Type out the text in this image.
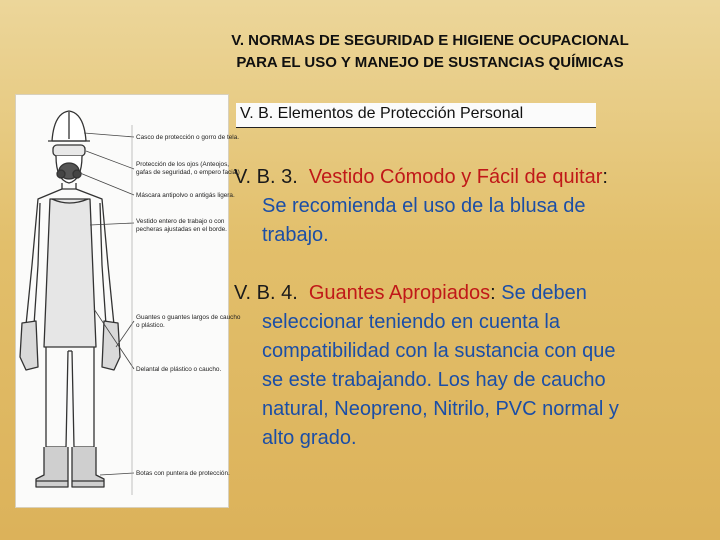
V. NORMAS DE SEGURIDAD E HIGIENE OCUPACIONAL
PARA EL USO Y MANEJO DE SUSTANCIAS QUÍMICAS
Casco de protección o gorro de tela.
Protección de los ojos (Anteojos,
gafas de seguridad, o empero facial)
Máscara antipolvo o antigás ligera.
Vestido entero de trabajo o con
pecheras ajustadas en el borde.
Guantes o guantes largos de caucho
o plástico.
Delantal de plástico o caucho.
Botas con puntera de protección.
V. B. Elementos de Protección Personal
V. B. 3. Vestido Cómodo y Fácil de quitar:
Se recomienda el uso de la blusa de
trabajo.
V. B. 4. Guantes Apropiados: Se deben
seleccionar teniendo en cuenta la
compatibilidad con la sustancia con que
se este trabajando. Los hay de caucho
natural, Neopreno, Nitrilo, PVC normal y
alto grado.
